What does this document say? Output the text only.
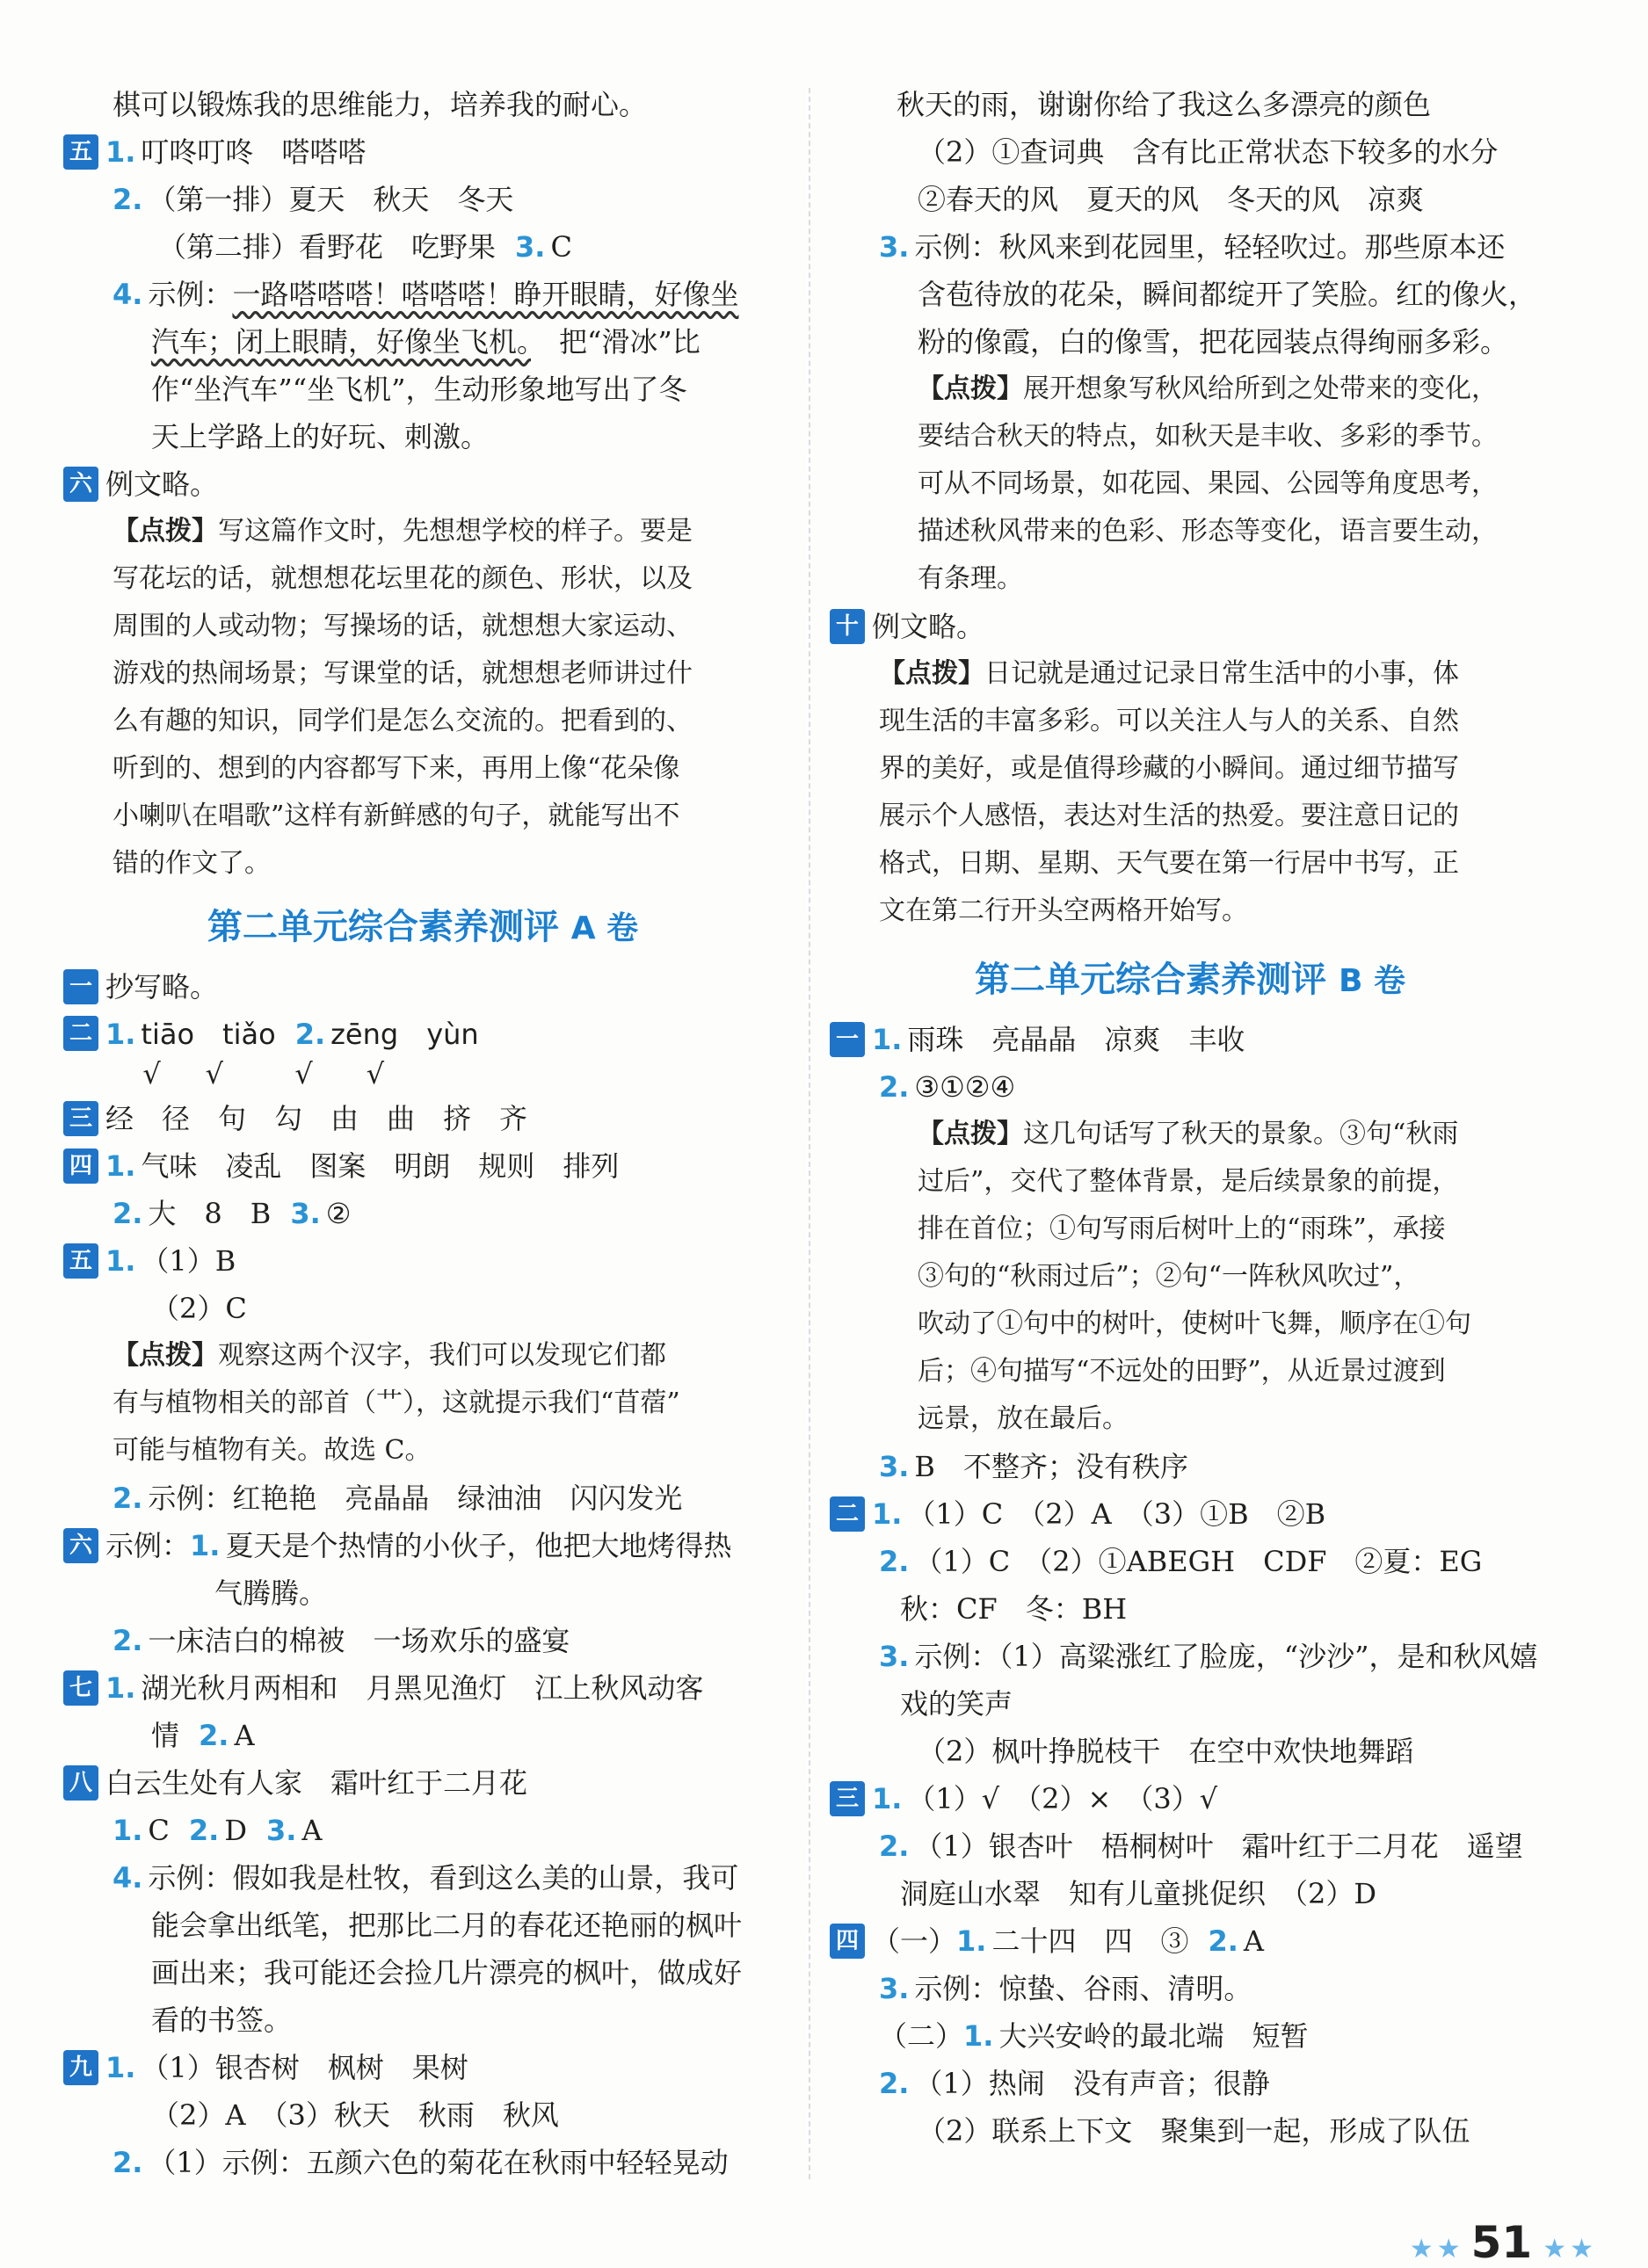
棋可以锻炼我的思维能力，培养我的耐心。
五 1. 叮咚叮咚　嗒嗒嗒
2. （第一排）夏天　秋天　冬天
（第二排）看野花　吃野果 3. C
4. 示例：一路嗒嗒嗒！嗒嗒嗒！睁开眼睛，好像坐
汽车；闭上眼睛，好像坐飞机。　把“滑冰”比
作“坐汽车”“坐飞机”，生动形象地写出了冬
天上学路上的好玩、刺激。
六 例文略。
【点拨】写这篇作文时，先想想学校的样子。要是
写花坛的话，就想想花坛里花的颜色、形状，以及
周围的人或动物；写操场的话，就想想大家运动、
游戏的热闹场景；写课堂的话，就想想老师讲过什
么有趣的知识，同学们是怎么交流的。把看到的、
听到的、想到的内容都写下来，再用上像“花朵像
小喇叭在唱歌”这样有新鲜感的句子，就能写出不
错的作文了。
第二单元综合素养测评 A 卷
一 抄写略。
二 1. tiāo　tiǎo 2. zēng　yùn
√     √        √      √
三 经　径　句　勾　由　曲　挤　齐
四 1. 气味　凌乱　图案　明朗　规则　排列
2. 大　8　B 3. ②
五 1. （1）B
（2）C
【点拨】观察这两个汉字，我们可以发现它们都
有与植物相关的部首（艹），这就提示我们“苜蓿”
可能与植物有关。故选 C。
2. 示例：红艳艳　亮晶晶　绿油油　闪闪发光
六 示例：1. 夏天是个热情的小伙子，他把大地烤得热
气腾腾。
2. 一床洁白的棉被　一场欢乐的盛宴
七 1. 湖光秋月两相和　月黑见渔灯　江上秋风动客
情 2. A
八 白云生处有人家　霜叶红于二月花
1. C 2. D 3. A
4. 示例：假如我是杜牧，看到这么美的山景，我可
能会拿出纸笔，把那比二月的春花还艳丽的枫叶
画出来；我可能还会捡几片漂亮的枫叶，做成好
看的书签。
九 1. （1）银杏树　枫树　果树
（2）A　（3）秋天　秋雨　秋风
2. （1）示例：五颜六色的菊花在秋雨中轻轻晃动
秋天的雨，谢谢你给了我这么多漂亮的颜色
（2）①查词典　含有比正常状态下较多的水分
②春天的风　夏天的风　冬天的风　凉爽
3. 示例：秋风来到花园里，轻轻吹过。那些原本还
含苞待放的花朵，瞬间都绽开了笑脸。红的像火，
粉的像霞，白的像雪，把花园装点得绚丽多彩。
【点拨】展开想象写秋风给所到之处带来的变化，
要结合秋天的特点，如秋天是丰收、多彩的季节。
可从不同场景，如花园、果园、公园等角度思考，
描述秋风带来的色彩、形态等变化，语言要生动，
有条理。
十 例文略。
【点拨】日记就是通过记录日常生活中的小事，体
现生活的丰富多彩。可以关注人与人的关系、自然
界的美好，或是值得珍藏的小瞬间。通过细节描写
展示个人感悟，表达对生活的热爱。要注意日记的
格式，日期、星期、天气要在第一行居中书写，正
文在第二行开头空两格开始写。
第二单元综合素养测评 B 卷
一 1. 雨珠　亮晶晶　凉爽　丰收
2. ③①②④
【点拨】这几句话写了秋天的景象。③句“秋雨
过后”，交代了整体背景，是后续景象的前提，
排在首位；①句写雨后树叶上的“雨珠”，承接
③句的“秋雨过后”；②句“一阵秋风吹过”，
吹动了①句中的树叶，使树叶飞舞，顺序在①句
后；④句描写“不远处的田野”，从近景过渡到
远景，放在最后。
3. B　不整齐；没有秩序
二 1. （1）C　（2）A　（3）①B　②B
2. （1）C　（2）①ABEGH　CDF　②夏：EG
秋：CF　冬：BH
3. 示例：（1）高粱涨红了脸庞，“沙沙”，是和秋风嬉
戏的笑声
（2）枫叶挣脱枝干　在空中欢快地舞蹈
三 1. （1）√　（2）×　（3）√
2. （1）银杏叶　梧桐树叶　霜叶红于二月花　遥望
洞庭山水翠　知有儿童挑促织　（2）D
四 （一）1. 二十四　四　③ 2. A
3. 示例：惊蛰、谷雨、清明。
（二）1. 大兴安岭的最北端　短暂
2. （1）热闹　没有声音；很静
（2）联系上下文　聚集到一起，形成了队伍
★ ★ 51 ★ ★
